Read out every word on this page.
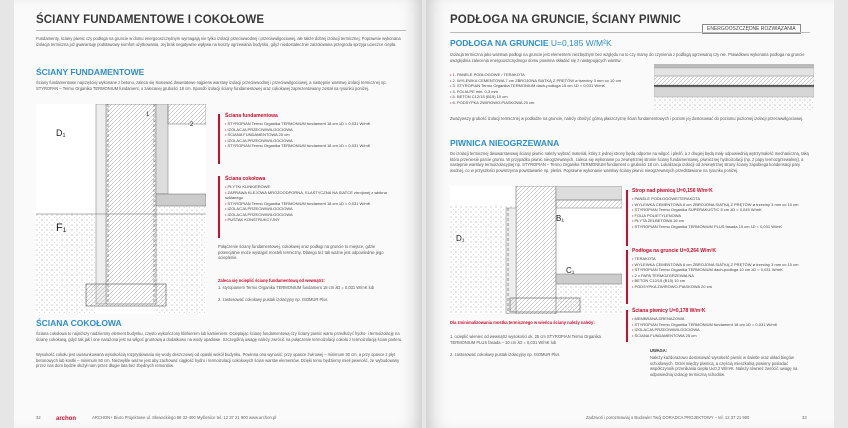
ŚCIANY FUNDAMENTOWE I COKOŁOWE
Fundamenty, ściany piwnic czy podłoga na gruncie w domu energooszczędnym wymagają nie tylko izolacji przeciwwodnej i przeciwwilgociowej, ale także dobrej izolacji termicznej. Poprawnie wykonana izolacja termiczna już gwarantuję podstawowy komfort użytkowania. Jej brak negatywnie wpływa na koszty ogrzewania budynku, gdyż niedostatecznie zaizolowana przegroda sprzyja ucieczce ciepła.
ŚCIANY FUNDAMENTOWE
Ściany fundamentowe najczęściej wykonane z betonu, zaleca się stosować dwuetatowe najpierw warstwy izolacji przeciwwodnej i przeciwwilgociowej, a następnie warstwę izolacji termicznej np. STYROPAN – Termo Organika TERMONIUM fundament, o zalecanej grubości 18 cm. Sposób izolacji ściany fundamentowej oraz cokołowej zaprezentowany został na rysunku poniżej.
D₁
F₁
1
2
Ściana fundamentowa
• STYROPIAN Termo Organika TERMONIUM fundament 18 cm λD = 0,031 W/mK
• IZOLACJA PRZECIWWILGOCIOWA
• ŚCIANA FUNDAMENTOWA 25 cm
• IZOLACJA PRZECIWWILGOCIOWA
• STYROPIAN Termo Organika TERMONIUM fundament 18 cm λD = 0,031 W/mK
Ściana cokołowa
• PŁYTKI KLINKIEROWE
• ZAPRAWA KLEJOWA MROZOODPORNA, ELASTYCZNA NA SIATCE zbrojonej z włókna szklanego
• STYROPIAN Termo Organika TERMONIUM fundament 18 cm λD = 0,031 W/mK
• IZOLACJA PRZECIWWILGOCIOWA
• IZOLACJA PRZECIWWILGOCIOWA
• PUSTAK KONSTRUKCYJNY
Połączenie ściany fundamentowej, cokołowej oraz podłogi na gruncie to miejsce, gdzie potencjalnie może wystąpić mostek termiczny. Dlatego też tak ważne jest odpowiednie jego ocieplenie.
Zaleca się ocieplić ścianę fundamentową od wewnątrz:
1. styropianem Termo Organika TERMONIUM fundament 18 cm λD = 0,031 W/mK lub
2. zastosować cokołowy pustak izolacyjny np. ISOMUR Plus
ŚCIANA COKOŁOWA
Ściana cokołowa to najniższy nadziemny element budynku, często wykończony klinkierem lub kamieniem. Ocieplając ścianę fundamentową czy ściany piwnic warto przedłużyć hydro- i termoizolację na ścianę cokołową, gdyż tak jak i one narażona jest na wilgoć gruntową a dodatkowo na wody opadowe. Szczególną uwagę należy zwrócić na połączenie termoizolacji cokołu z termoizolacją ścian parteru.
Wysokość cokołu jest uwarunkowana wysokością rozpryskiwania się wody deszczowej od opaski wokół budynku. Powinna ona wynosić: przy opasce żwirowej – minimum 30 cm, a przy opasce z płyt betonowych lub kostki – minimum 50 cm. Niezwykle ważne jest aby zachować ciągłość hydro i termoizolacji cokołowych ścian warstw elementów. Dzięki temu będziemy mieli pewność, że wybudowany przez nas dom będzie służył nam przez długie lata bez zbędnych remontów.
32	archon	ARCHON+ Biuro Projektowe ul. Słowackiego 86 32-400 Myślenice tel. 12 37 21 900 www.archon.pl
PODŁOGA NA GRUNCIE, ŚCIANY PIWNIC
ENERGOOSZCZĘDNE ROZWIĄZANIA
PODŁOGA NA GRUNCIE U=0,185 W/M²K
Izolacja termiczna jako warstwa podłogi na gruncie jest elementem niezbędnym bez względu na to czy mamy do czynienia z podłogą ogrzewaną czy nie. Prawidłowo wykonana podłoga na gruncie uwzględnia zalecenia energooszczędnego domu powinna składać się z następujących warstw:
• 1. PANELE PODŁOGOWE / TERAKOTA
• 2. WYLEWKA CEMENTOWA 7 cm ZBROJONA SIATKĄ Z PRĘTÓW ø trzeciny 3 mm co 10 cm
• 3. STYROPIAN Termo Organika TERMONIUM dach-podłoga 15 cm λD = 0,031 W/mK
• 4. FOLIA PE min. 0,3 mm
• 5. BETON C12/15 (B15) 10 cm
• 6. PODSYPKA ŻWIROWO-PIASKOWA 20 cm
Zważywszy grubość izolacji termicznej w podłodze na gruncie, należy obniżyć górną płaszczyznę ścian fundamentowych i poziom jej dostosować do poziomu poziomej izolacji przeciwwilgociowej.
PIWNICA NIEOGRZEWANA
Do izolacji termicznej dwuwarstwowej ściany piwnic należy wybrać materiał, który z jednej strony będą odporne na wilgoć i pleśń, a z drugiej będą mały odpowiednią wytrzymałość mechaniczną, taką która przeniesie parcie gruntu. W przypadku piwnic nieogrzewanych, zaleca się wykonanie po zewnętrznej stronie ściany fundamentowej, piwnicznej hydroizolacji (np. z papy termozgrzewalnej), a następnie warstwy termoizolacyjnej np. STYROPIAN – Termo Organika TERMONIUM fundament o grubości 18 cm. Lokalizacja izolacji od zewnętrznej strony ściany zapobiega kondensacji pary wodnej, co w przyszłości powstrzyma powstawanie np. pleśni. Poprawne wykonanie warstwy ściany piwnic nieogrzewanych przedstawione na rysunku poniżej.
B₁
C₁
D₁
Strop nad piwnicą U=0,156 W/m²K
• PANELE PODŁOGOWE/TERAKOTA
• WYLEWKA CEMENTOWA 6 cm ZBROJONA SIATKĄ Z PRĘTÓW ø trzeciny 3 mm co 10 cm
• STYROPIAN Termo Organika SUPERAKUSTIC 5 cm λD = 0,045 W/mK
• FOLIA POLIETYLENOWA
• PŁYTA ŻELBETOWA 16 cm
• STYROPIAN Termo Organika TERMONIUM PLUS fasada 15 cm λD = 0,031 W/mK
Podłoga na gruncie U=0,264 W/m²K
• TERAKOTA
• WYLEWKA CEMENTOWA 6 cm ZBROJONA SIATKĄ Z PRĘTÓW ø trzeciny 3 mm co 10 cm
• STYROPIAN Termo Organika TERMONIUM dach-podłoga 10 cm λD = 0,031 W/mK
• 2 x PAPA TERMOZGRZEWALNA
• BETON C12/15 (B15) 10 cm
• PODSYPKA ŻWIROWO-PIASKOWA 20 cm
Ściana piwnicy U=0,178 W/m²K
• MEMBRANA DRENAŻOWA
• STYROPIAN Termo Organika TERMONIUM fundament 18 cm λD = 0,031 W/mK
• IZOLACJA PRZECIWWILGOCIOWA
• ŚCIANA FUNDAMENTOWA 25 cm
Dla zminimalizowania mostka termicznego w wieńcu ściany należy należy:
1. ocieplić wieniec od wewnątrz wysokości ok. 25 cm STYROPIAN Termo Organika TERMONIUM PLUS fasada – 10 cm λD = 0,031 W/mK lub
2. zastosować cokołowy pustak izolacyjny np. ISOMUR Plus
UWAGA:
Należy każdorazowo dostosować wysokość piwnic w świetle oraz układ biegów schodowych. Orzeł między piwnicą, a częścią mieszkalną powinny posiadać współczynnik przenikania ciepła U≤0,3 W/m²K. Należy również zwrócić uwagę na odpowiednią izolację termiczną schodów.
Zadzwoń i porozmawiaj o Budowie! Twój DORADCA PROJEKTOWY – tel. 12 37 21 900	33
